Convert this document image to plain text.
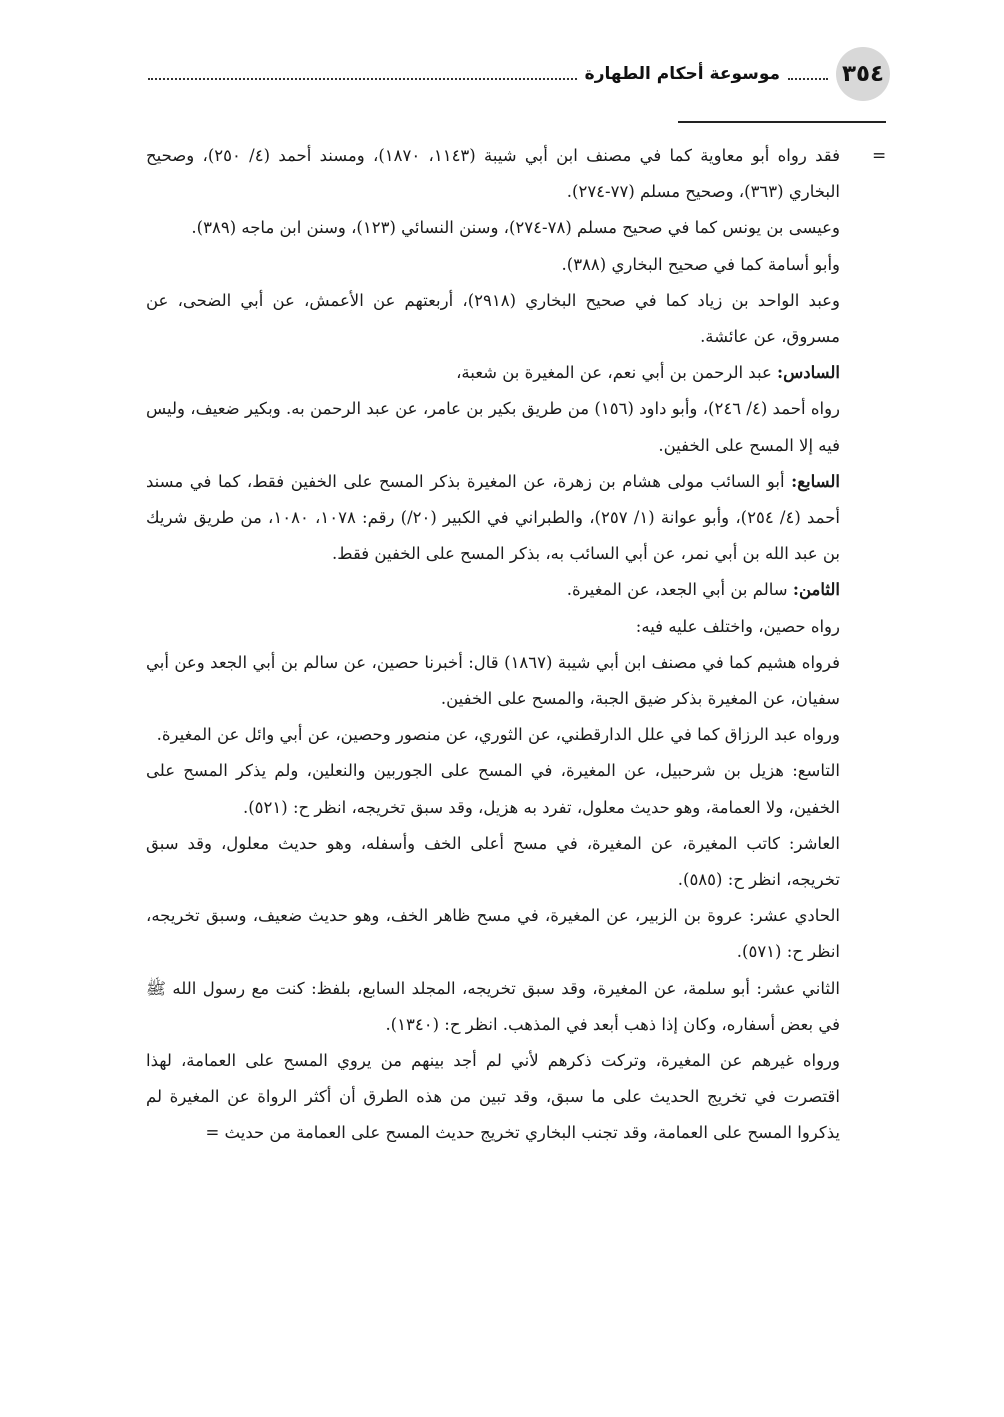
٣٥٤
موسوعة أحكام الطهارة
=

فقد رواه أبو معاوية كما في مصنف ابن أبي شيبة (١١٤٣، ١٨٧٠)، ومسند أحمد (٤/ ٢٥٠)، وصحيح البخاري (٣٦٣)، وصحيح مسلم (٧٧-٢٧٤).

وعيسى بن يونس كما في صحيح مسلم (٧٨-٢٧٤)، وسنن النسائي (١٢٣)، وسنن ابن ماجه (٣٨٩).

وأبو أسامة كما في صحيح البخاري (٣٨٨).

وعبد الواحد بن زياد كما في صحيح البخاري (٢٩١٨)، أربعتهم عن الأعمش، عن أبي الضحى، عن مسروق، عن عائشة.

السادس: عبد الرحمن بن أبي نعم، عن المغيرة بن شعبة،

رواه أحمد (٤/ ٢٤٦)، وأبو داود (١٥٦) من طريق بكير بن عامر، عن عبد الرحمن به. وبكير ضعيف، وليس فيه إلا المسح على الخفين.

السابع: أبو السائب مولى هشام بن زهرة، عن المغيرة بذكر المسح على الخفين فقط، كما في مسند أحمد (٤/ ٢٥٤)، وأبو عوانة (١/ ٢٥٧)، والطبراني في الكبير (٢٠/) رقم: ١٠٧٨، ١٠٨٠، من طريق شريك بن عبد الله بن أبي نمر، عن أبي السائب به، بذكر المسح على الخفين فقط.

الثامن: سالم بن أبي الجعد، عن المغيرة.

رواه حصين، واختلف عليه فيه:

فرواه هشيم كما في مصنف ابن أبي شيبة (١٨٦٧) قال: أخبرنا حصين، عن سالم بن أبي الجعد وعن أبي سفيان، عن المغيرة بذكر ضيق الجبة، والمسح على الخفين.

ورواه عبد الرزاق كما في علل الدارقطني، عن الثوري، عن منصور وحصين، عن أبي وائل عن المغيرة.

التاسع: هزيل بن شرحبيل، عن المغيرة، في المسح على الجوربين والنعلين، ولم يذكر المسح على الخفين، ولا العمامة، وهو حديث معلول، تفرد به هزيل، وقد سبق تخريجه، انظر ح: (٥٢١).

العاشر: كاتب المغيرة، عن المغيرة، في مسح أعلى الخف وأسفله، وهو حديث معلول، وقد سبق تخريجه، انظر ح: (٥٨٥).

الحادي عشر: عروة بن الزبير، عن المغيرة، في مسح ظاهر الخف، وهو حديث ضعيف، وسبق تخريجه، انظر ح: (٥٧١).

الثاني عشر: أبو سلمة، عن المغيرة، وقد سبق تخريجه، المجلد السابع، بلفظ: كنت مع رسول الله ﷺ في بعض أسفاره، وكان إذا ذهب أبعد في المذهب. انظر ح: (١٣٤٠).

ورواه غيرهم عن المغيرة، وتركت ذكرهم لأني لم أجد بينهم من يروي المسح على العمامة، لهذا اقتصرت في تخريج الحديث على ما سبق، وقد تبين من هذه الطرق أن أكثر الرواة عن المغيرة لم يذكروا المسح على العمامة، وقد تجنب البخاري تخريج حديث المسح على العمامة من حديث =
